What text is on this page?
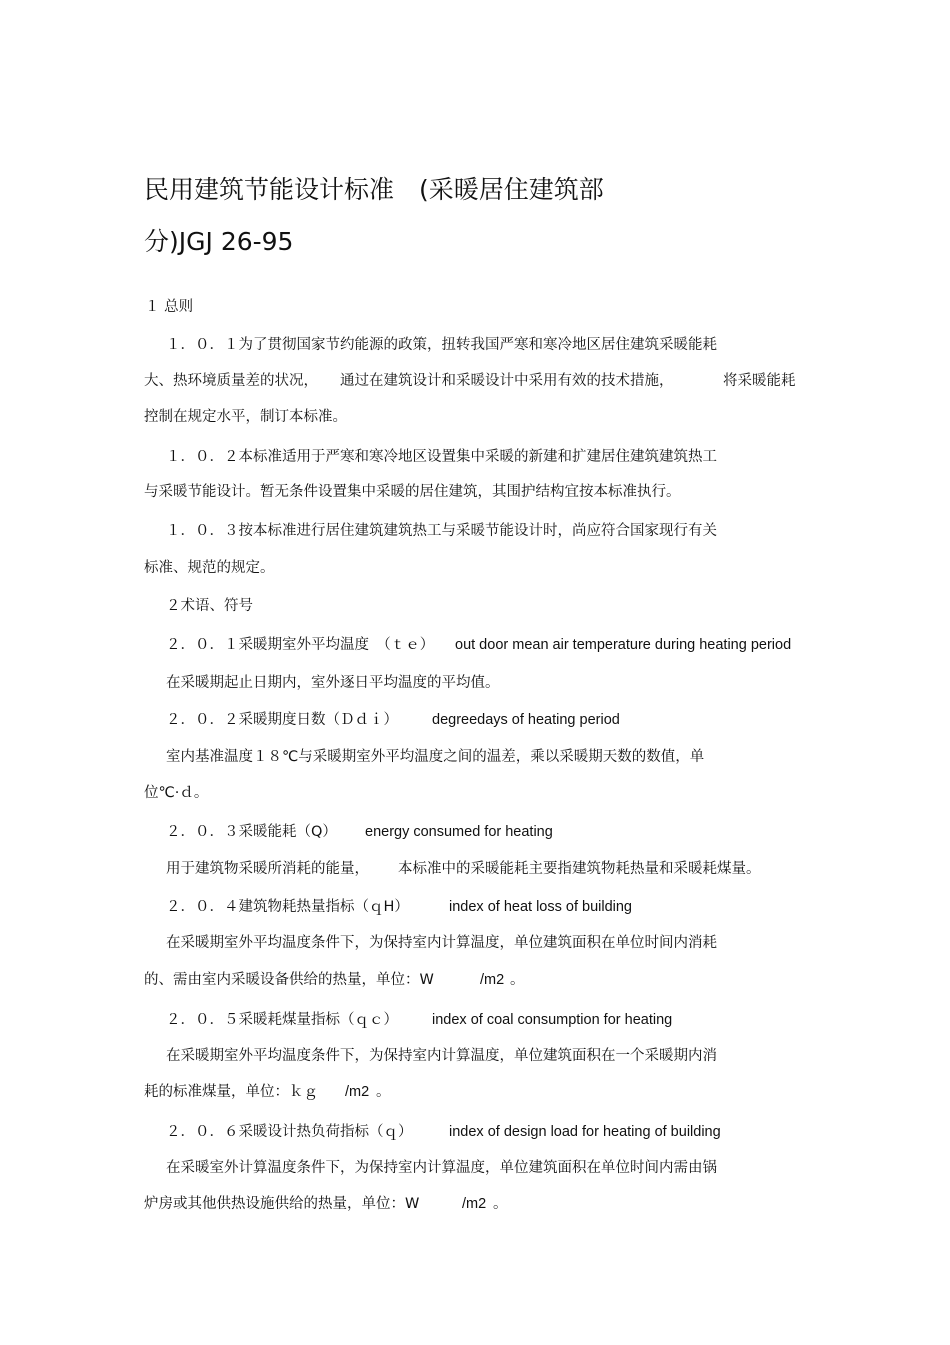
民用建筑节能设计标准　(采暖居住建筑部
分)JGJ 26-95
１ 总则
１．０．１为了贯彻国家节约能源的政策，扭转我国严寒和寒冷地区居住建筑采暖能耗
大、热环境质量差的状况， 通过在建筑设计和采暖设计中采用有效的技术措施，	将采暖能耗
控制在规定水平，制订本标准。
１．０．２本标准适用于严寒和寒冷地区设置集中采暖的新建和扩建居住建筑建筑热工
与采暖节能设计。暂无条件设置集中采暖的居住建筑，其围护结构宜按本标准执行。
１．０．３按本标准进行居住建筑建筑热工与采暖节能设计时，尚应符合国家现行有关
标准、规范的规定。
２术语、符号
２．０．１采暖期室外平均温度　（ｔｅ） out door mean air temperature during heating period
在采暖期起止日期内，室外逐日平均温度的平均值。
２．０．２采暖期度日数（Ｄｄｉ） degreedays of heating period
室内基准温度１８℃与采暖期室外平均温度之间的温差，乘以采暖期天数的数值，单
位℃·ｄ。
２．０．３采暖能耗（Q） energy consumed for heating
用于建筑物采暖所消耗的能量， 本标准中的采暖能耗主要指建筑物耗热量和采暖耗煤量。
２．０．４建筑物耗热量指标（ｑH）	index of heat loss of building
在采暖期室外平均温度条件下，为保持室内计算温度，单位建筑面积在单位时间内消耗
的、需由室内采暖设备供给的热量，单位：W	/m2 。
２．０．５采暖耗煤量指标（ｑｃ） index of coal consumption for heating
在采暖期室外平均温度条件下，为保持室内计算温度，单位建筑面积在一个采暖期内消
耗的标准煤量，单位：ｋｇ /m2 。
２．０．６采暖设计热负荷指标（ｑ）	index of design load for heating of building
在采暖室外计算温度条件下，为保持室内计算温度，单位建筑面积在单位时间内需由锅
炉房或其他供热设施供给的热量，单位：W	/m2 。
